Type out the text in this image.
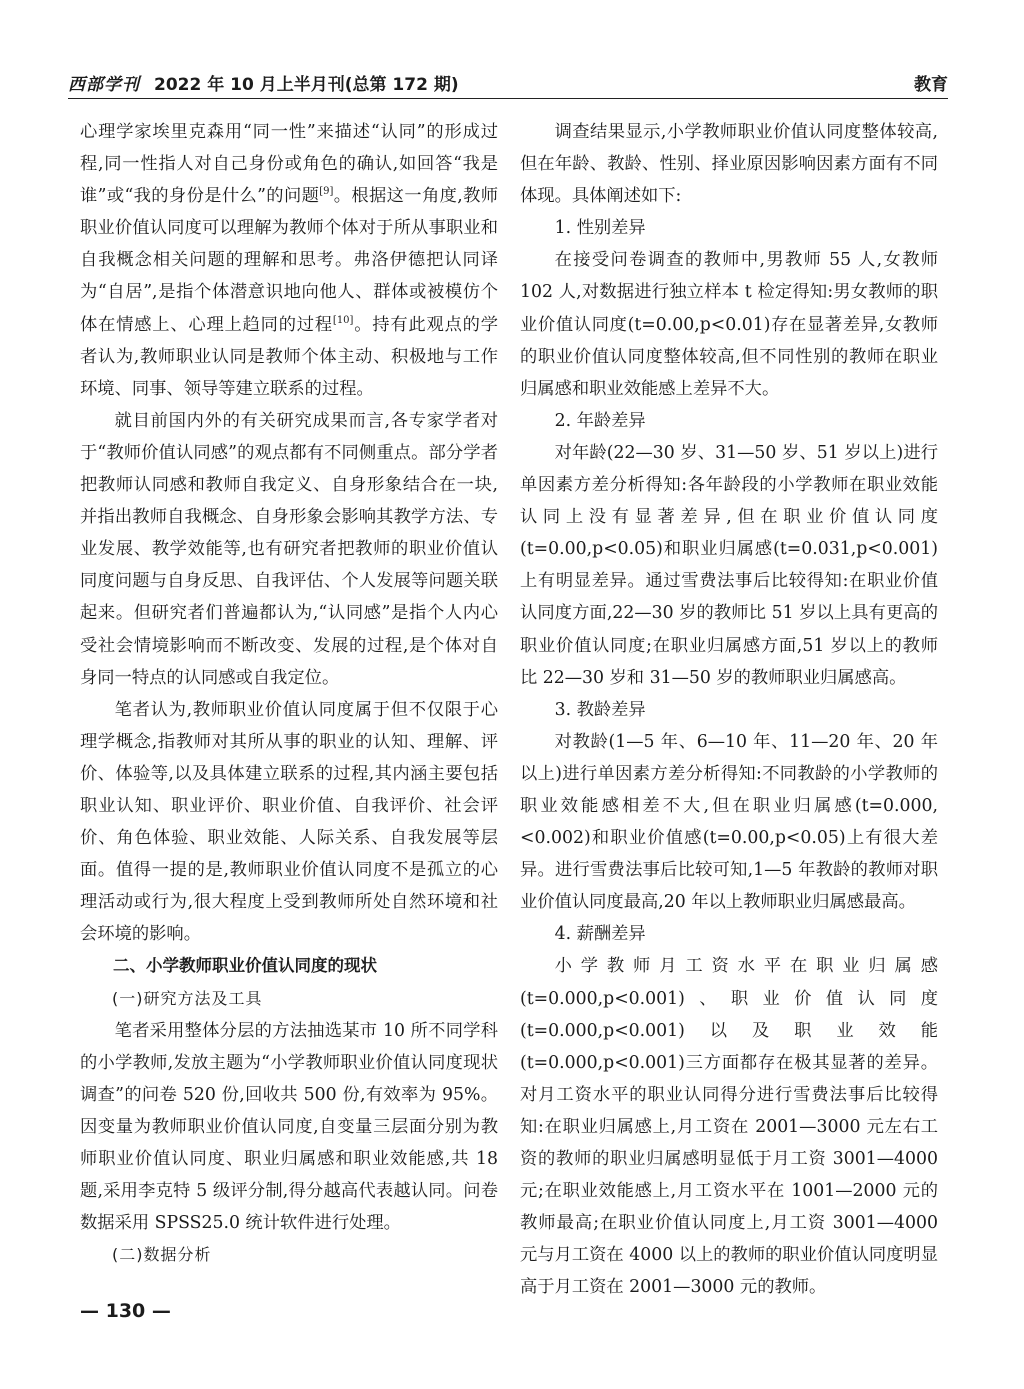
西部学刊 2022 年 10 月上半月刊(总第 172 期)	教育

心理学家埃里克森用“同一性”来描述“认同”的形成过程,同一性指人对自己身份或角色的确认,如回答“我是谁”或“我的身份是什么”的问题[9]。根据这一角度,教师职业价值认同度可以理解为教师个体对于所从事职业和自我概念相关问题的理解和思考。弗洛伊德把认同译为“自居”,是指个体潜意识地向他人、群体或被模仿个体在情感上、心理上趋同的过程[10]。持有此观点的学者认为,教师职业认同是教师个体主动、积极地与工作环境、同事、领导等建立联系的过程。

就目前国内外的有关研究成果而言,各专家学者对于“教师价值认同感”的观点都有不同侧重点。部分学者把教师认同感和教师自我定义、自身形象结合在一块,并指出教师自我概念、自身形象会影响其教学方法、专业发展、教学效能等,也有研究者把教师的职业价值认同度问题与自身反思、自我评估、个人发展等问题关联起来。但研究者们普遍都认为,“认同感”是指个人内心受社会情境影响而不断改变、发展的过程,是个体对自身同一特点的认同感或自我定位。

笔者认为,教师职业价值认同度属于但不仅限于心理学概念,指教师对其所从事的职业的认知、理解、评价、体验等,以及具体建立联系的过程,其内涵主要包括职业认知、职业评价、职业价值、自我评价、社会评价、角色体验、职业效能、人际关系、自我发展等层面。值得一提的是,教师职业价值认同度不是孤立的心理活动或行为,很大程度上受到教师所处自然环境和社会环境的影响。

二、小学教师职业价值认同度的现状
(一)研究方法及工具

笔者采用整体分层的方法抽选某市 10 所不同学科的小学教师,发放主题为“小学教师职业价值认同度现状调查”的问卷 520 份,回收共 500 份,有效率为 95%。因变量为教师职业价值认同度,自变量三层面分别为教师职业价值认同度、职业归属感和职业效能感,共 18 题,采用李克特 5 级评分制,得分越高代表越认同。问卷数据采用 SPSS25.0 统计软件进行处理。

(二)数据分析

调查结果显示,小学教师职业价值认同度整体较高,但在年龄、教龄、性别、择业原因影响因素方面有不同体现。具体阐述如下:

1. 性别差异

在接受问卷调查的教师中,男教师 55 人,女教师 102 人,对数据进行独立样本 t 检定得知:男女教师的职业价值认同度(t=0.00,p<0.01)存在显著差异,女教师的职业价值认同度整体较高,但不同性别的教师在职业归属感和职业效能感上差异不大。

2. 年龄差异

对年龄(22—30 岁、31—50 岁、51 岁以上)进行单因素方差分析得知:各年龄段的小学教师在职业效能认同上没有显著差异,但在职业价值认同度(t=0.00,p<0.05)和职业归属感(t=0.031,p<0.001)上有明显差异。通过雪费法事后比较得知:在职业价值认同度方面,22—30 岁的教师比 51 岁以上具有更高的职业价值认同度;在职业归属感方面,51 岁以上的教师比 22—30 岁和 31—50 岁的教师职业归属感高。

3. 教龄差异

对教龄(1—5 年、6—10 年、11—20 年、20 年以上)进行单因素方差分析得知:不同教龄的小学教师的职业效能感相差不大,但在职业归属感(t=0.000,<0.002)和职业价值感(t=0.00,p<0.05)上有很大差异。进行雪费法事后比较可知,1—5 年教龄的教师对职业价值认同度最高,20 年以上教师职业归属感最高。

4. 薪酬差异

小学教师月工资水平在职业归属感(t=0.000,p<0.001)、职业价值认同度(t=0.000,p<0.001)以及职业效能(t=0.000,p<0.001)三方面都存在极其显著的差异。对月工资水平的职业认同得分进行雪费法事后比较得知:在职业归属感上,月工资在 2001—3000 元左右工资的教师的职业归属感明显低于月工资 3001—4000 元;在职业效能感上,月工资水平在 1001—2000 元的教师最高;在职业价值认同度上,月工资 3001—4000 元与月工资在 4000 以上的教师的职业价值认同度明显高于月工资在 2001—3000 元的教师。

— 130 —
